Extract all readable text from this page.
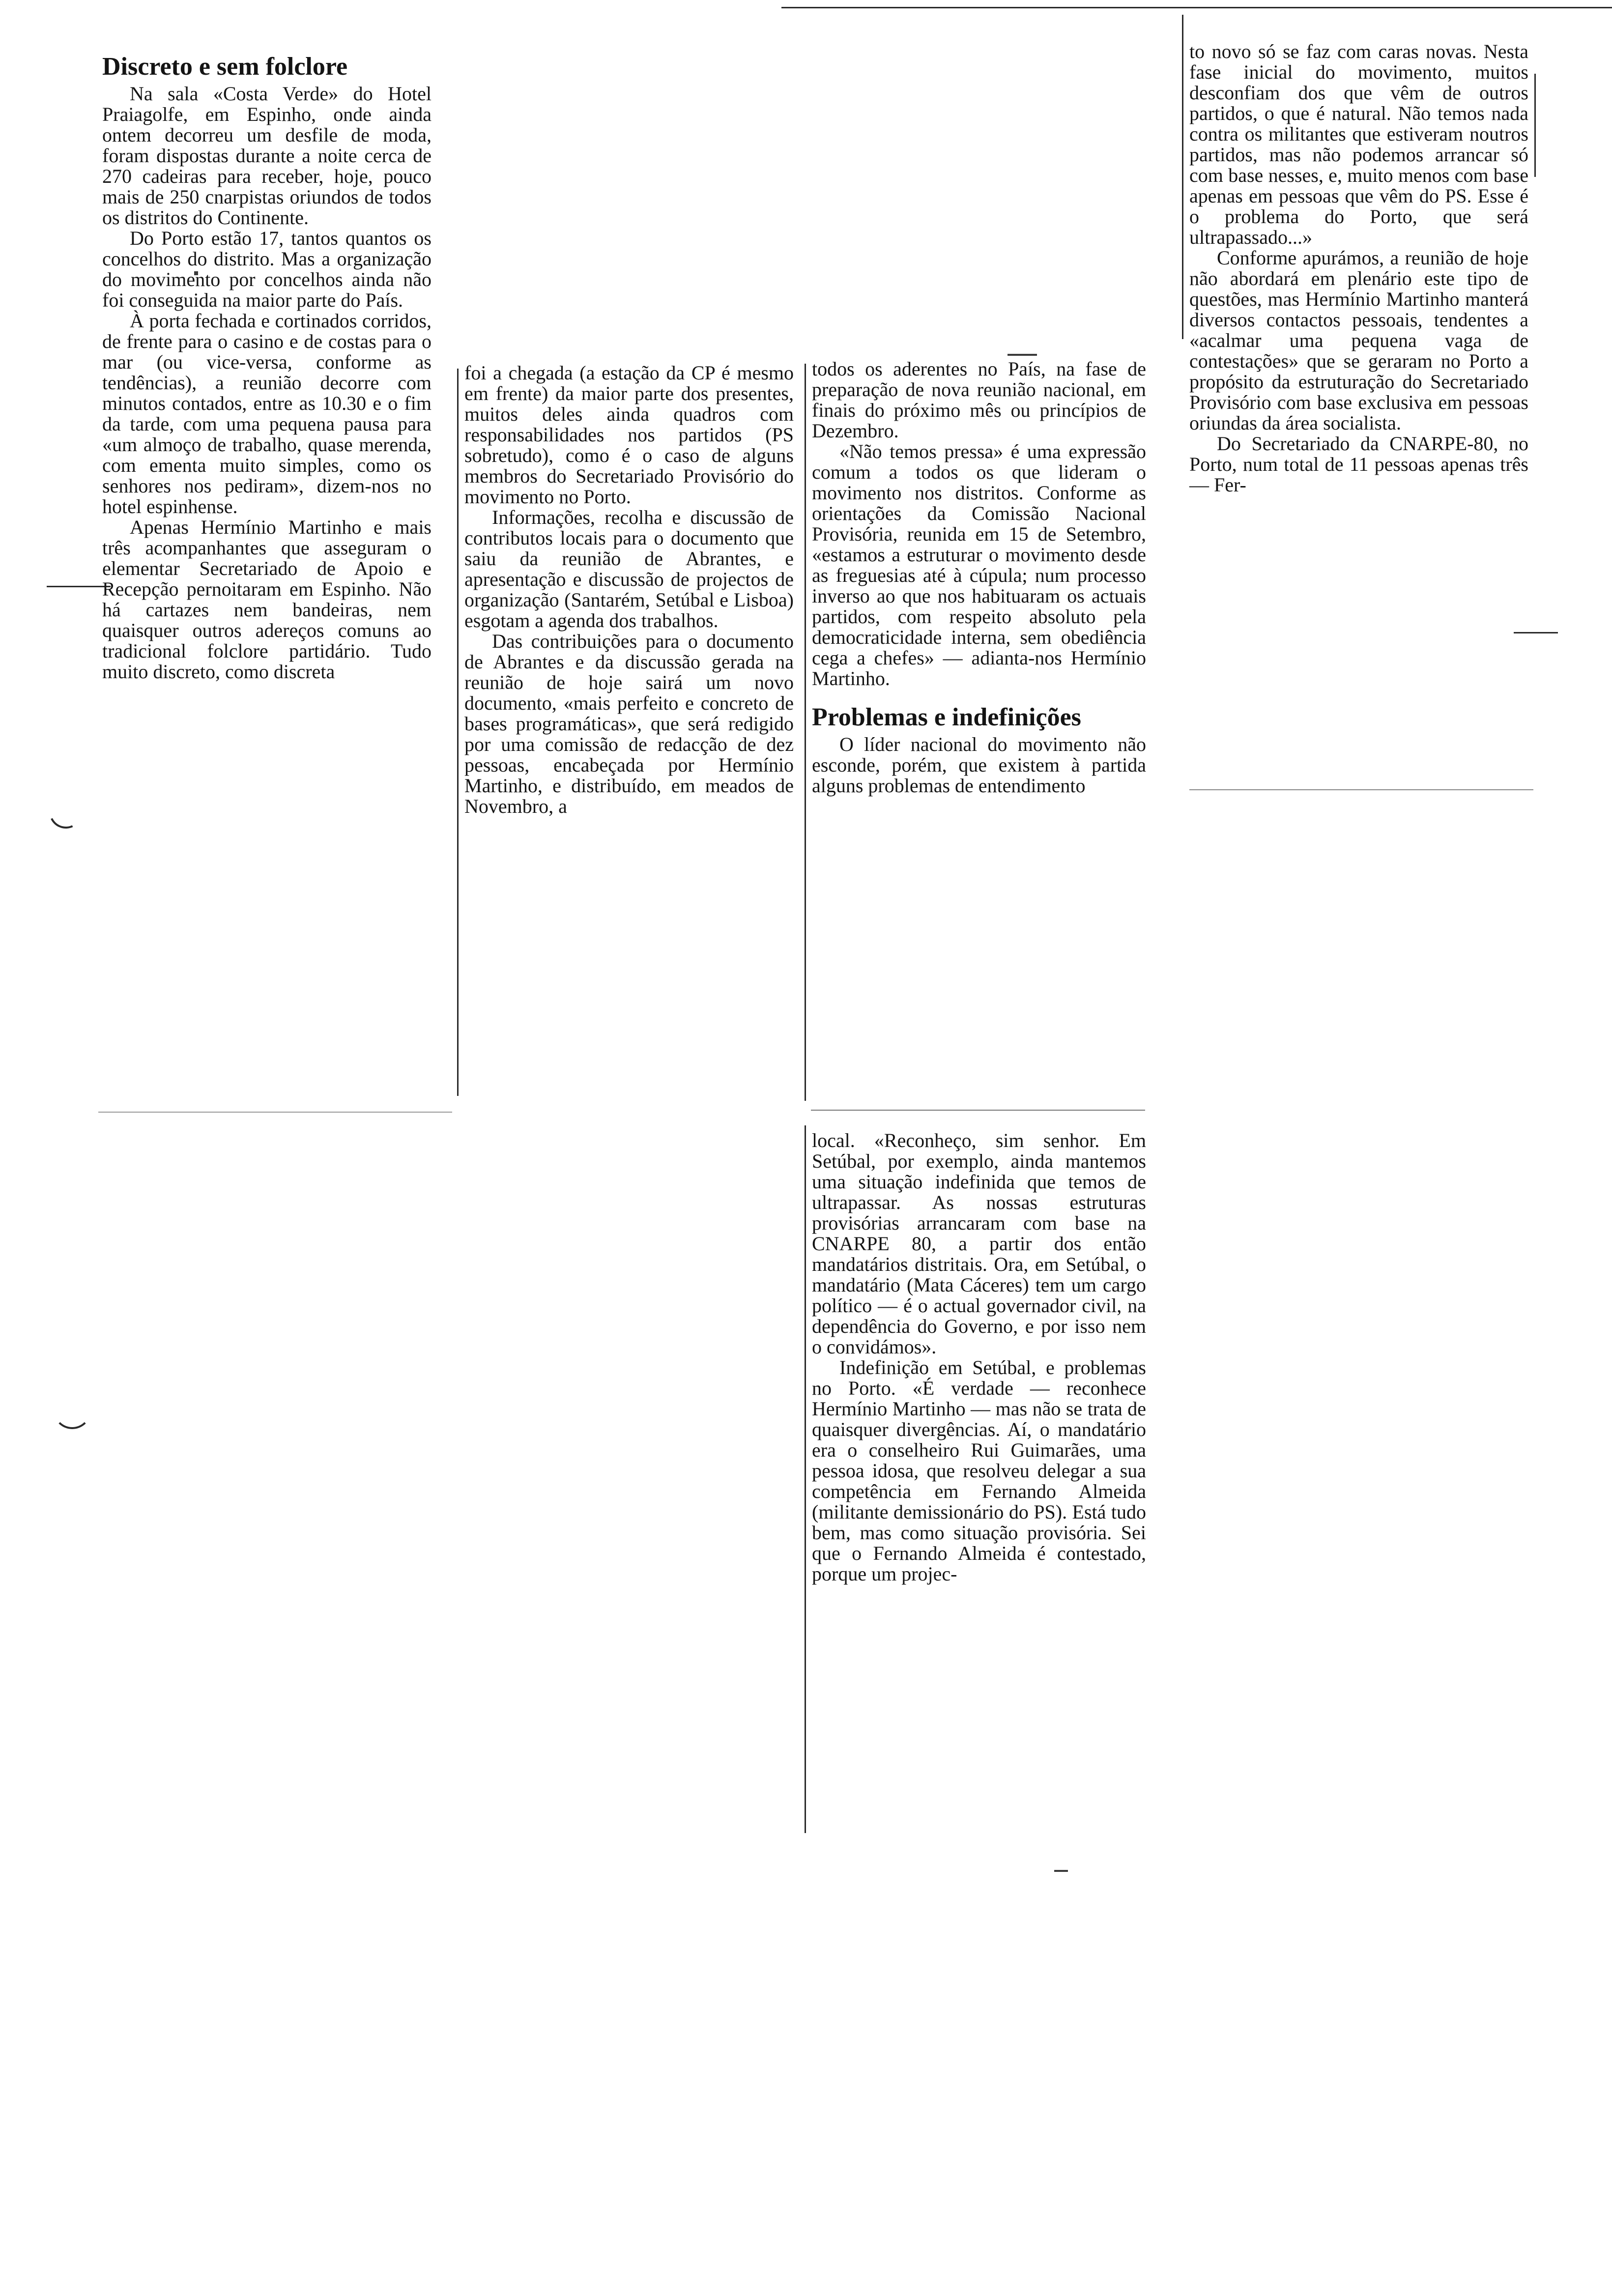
Discreto e sem folclore

Na sala «Costa Verde» do Hotel Praiagolfe, em Espinho, onde ainda ontem decorreu um desfile de moda, foram dispostas durante a noite cerca de 270 cadeiras para receber, hoje, pouco mais de 250 cnarpistas oriundos de todos os distritos do Continente.

Do Porto estão 17, tantos quantos os concelhos do distrito. Mas a organização do movimento por concelhos ainda não foi conseguida na maior parte do País.

À porta fechada e cortinados corridos, de frente para o casino e de costas para o mar (ou vice-versa, conforme as tendências), a reunião decorre com minutos contados, entre as 10.30 e o fim da tarde, com uma pequena pausa para «um almoço de trabalho, quase merenda, com ementa muito simples, como os senhores nos pediram», dizem-nos no hotel espinhense.

Apenas Hermínio Martinho e mais três acompanhantes que asseguram o elementar Secretariado de Apoio e Recepção pernoitaram em Espinho. Não há cartazes nem bandeiras, nem quaisquer outros adereços comuns ao tradicional folclore partidário. Tudo muito discreto, como discreta

foi a chegada (a estação da CP é mesmo em frente) da maior parte dos presentes, muitos deles ainda quadros com responsabilidades nos partidos (PS sobretudo), como é o caso de alguns membros do Secretariado Provisório do movimento no Porto.

Informações, recolha e discussão de contributos locais para o documento que saiu da reunião de Abrantes, e apresentação e discussão de projectos de organização (Santarém, Setúbal e Lisboa) esgotam a agenda dos trabalhos.

Das contribuições para o documento de Abrantes e da discussão gerada na reunião de hoje sairá um novo documento, «mais perfeito e concreto de bases programáticas», que será redigido por uma comissão de redacção de dez pessoas, encabeçada por Hermínio Martinho, e distribuído, em meados de Novembro, a

todos os aderentes no País, na fase de preparação de nova reunião nacional, em finais do próximo mês ou princípios de Dezembro.

«Não temos pressa» é uma expressão comum a todos os que lideram o movimento nos distritos. Conforme as orientações da Comissão Nacional Provisória, reunida em 15 de Setembro, «estamos a estruturar o movimento desde as freguesias até à cúpula; num processo inverso ao que nos habituaram os actuais partidos, com respeito absoluto pela democraticidade interna, sem obediência cega a chefes» — adianta-nos Hermínio Martinho.

Problemas e indefinições

O líder nacional do movimento não esconde, porém, que existem à partida alguns problemas de entendimento

local. «Reconheço, sim senhor. Em Setúbal, por exemplo, ainda mantemos uma situação indefinida que temos de ultrapassar. As nossas estruturas provisórias arrancaram com base na CNARPE 80, a partir dos então mandatários distritais. Ora, em Setúbal, o mandatário (Mata Cáceres) tem um cargo político — é o actual governador civil, na dependência do Governo, e por isso nem o convidámos».

Indefinição em Setúbal, e problemas no Porto. «É verdade — reconhece Hermínio Martinho — mas não se trata de quaisquer divergências. Aí, o mandatário era o conselheiro Rui Guimarães, uma pessoa idosa, que resolveu delegar a sua competência em Fernando Almeida (militante demissionário do PS). Está tudo bem, mas como situação provisória. Sei que o Fernando Almeida é contestado, porque um projec-

to novo só se faz com caras novas. Nesta fase inicial do movimento, muitos desconfiam dos que vêm de outros partidos, o que é natural. Não temos nada contra os militantes que estiveram noutros partidos, mas não podemos arrancar só com base nesses, e, muito menos com base apenas em pessoas que vêm do PS. Esse é o problema do Porto, que será ultrapassado...»

Conforme apurámos, a reunião de hoje não abordará em plenário este tipo de questões, mas Hermínio Martinho manterá diversos contactos pessoais, tendentes a «acalmar uma pequena vaga de contestações» que se geraram no Porto a propósito da estruturação do Secretariado Provisório com base exclusiva em pessoas oriundas da área socialista.

Do Secretariado da CNARPE-80, no Porto, num total de 11 pessoas apenas três — Fer-
